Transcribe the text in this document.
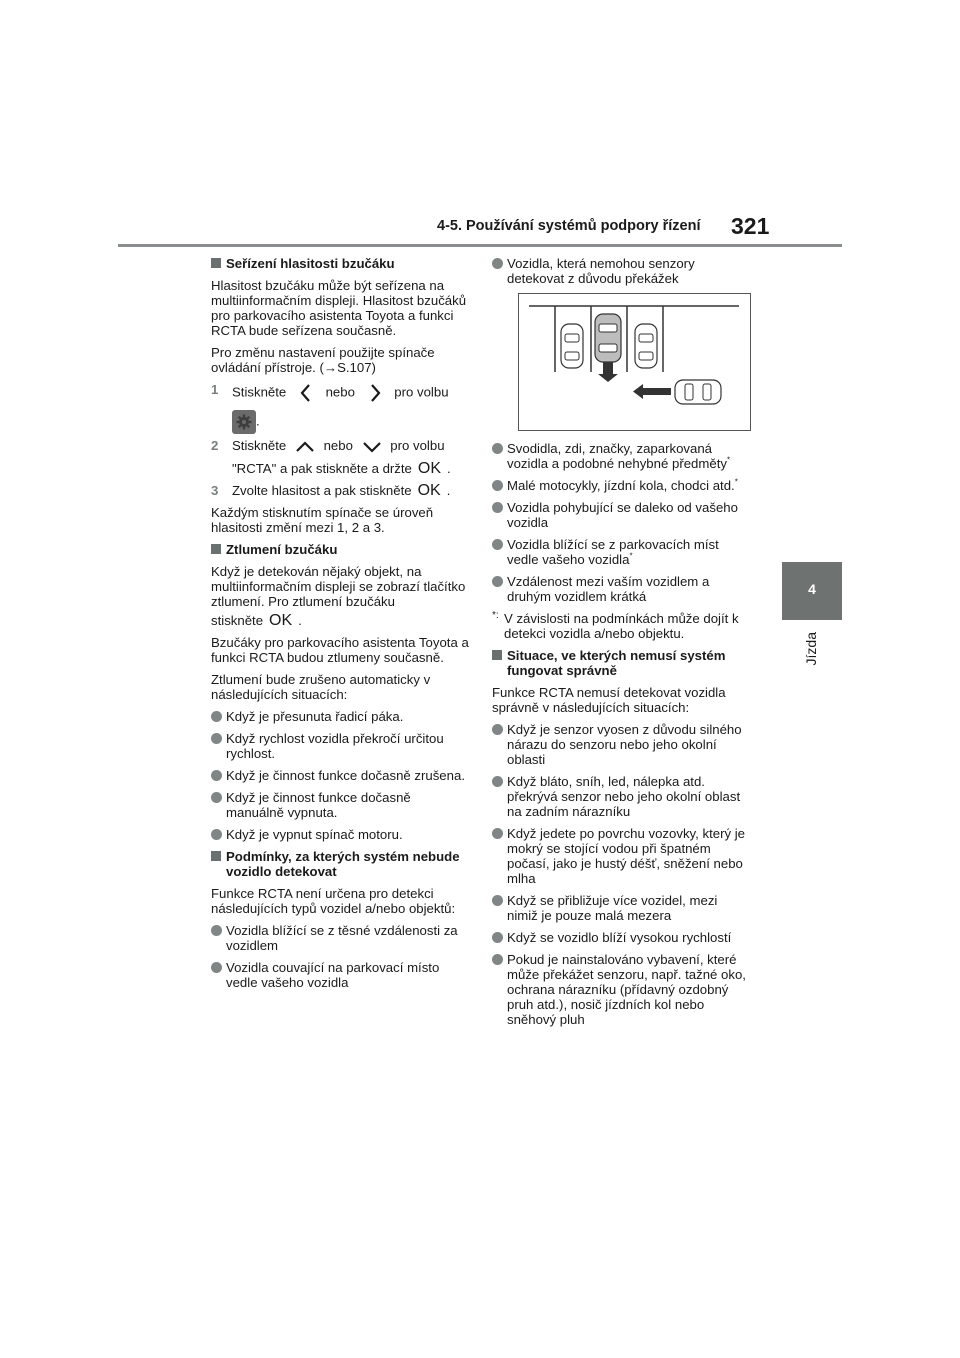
4-5. Používání systémů podpory řízení 321
4
Jízda

Seřízení hlasitosti bzučáku

Hlasitost bzučáku může být seřízena na multiinformačním displeji. Hlasitost bzučáků pro parkovacího asistenta Toyota a funkci RCTA bude seřízena současně.

Pro změnu nastavení použijte spínače ovládání přístroje. (→S.107)

1 Stiskněte	nebo	pro volbu
.
2 Stiskněte	nebo	pro volbu
"RCTA" a pak stiskněte a držte OK .
3 Zvolte hlasitost a pak stiskněte OK .

Každým stisknutím spínače se úroveň hlasitosti změní mezi 1, 2 a 3.

Ztlumení bzučáku

Když je detekován nějaký objekt, na multiinformačním displeji se zobrazí tlačítko ztlumení. Pro ztlumení bzučáku

stiskněte OK .

Bzučáky pro parkovacího asistenta Toyota a funkci RCTA budou ztlumeny současně.

Ztlumení bude zrušeno automaticky v následujících situacích:

Když je přesunuta řadicí páka.
Když rychlost vozidla překročí určitou rychlost.
Když je činnost funkce dočasně zrušena.
Když je činnost funkce dočasně manuálně vypnuta.
Když je vypnut spínač motoru.

Podmínky, za kterých systém nebude vozidlo detekovat

Funkce RCTA není určena pro detekci následujících typů vozidel a/nebo objektů:

Vozidla blížící se z těsné vzdálenosti za vozidlem
Vozidla couvající na parkovací místo vedle vašeho vozidla
Vozidla, která nemohou senzory detekovat z důvodu překážek
Svodidla, zdi, značky, zaparkovaná vozidla a podobné nehybné předměty*
Malé motocykly, jízdní kola, chodci atd.*
Vozidla pohybující se daleko od vašeho vozidla
Vozidla blížící se z parkovacích míst vedle vašeho vozidla*
Vzdálenost mezi vaším vozidlem a druhým vozidlem krátká
*: V závislosti na podmínkách může dojít k detekci vozidla a/nebo objektu.

Situace, ve kterých nemusí systém fungovat správně

Funkce RCTA nemusí detekovat vozidla správně v následujících situacích:

Když je senzor vyosen z důvodu silného nárazu do senzoru nebo jeho okolní oblasti
Když bláto, sníh, led, nálepka atd. překrývá senzor nebo jeho okolní oblast na zadním nárazníku
Když jedete po povrchu vozovky, který je mokrý se stojící vodou při špatném počasí, jako je hustý déšť, sněžení nebo mlha
Když se přibližuje více vozidel, mezi nimiž je pouze malá mezera
Když se vozidlo blíží vysokou rychlostí
Pokud je nainstalováno vybavení, které může překážet senzoru, např. tažné oko, ochrana nárazníku (přídavný ozdobný pruh atd.), nosič jízdních kol nebo sněhový pluh
